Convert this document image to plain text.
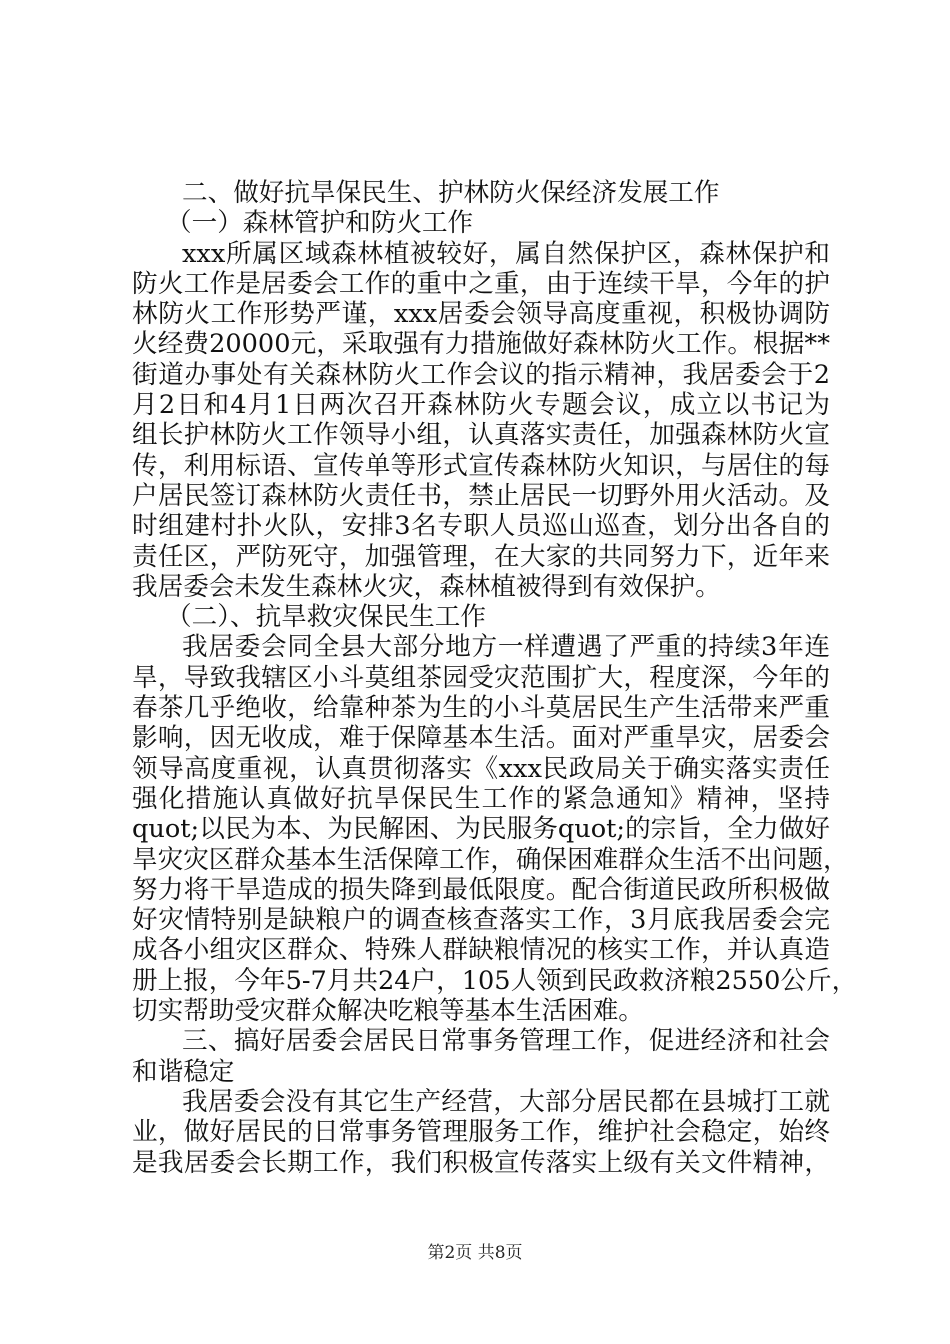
二、做好抗旱保民生、护林防火保经济发展工作
（一）森林管护和防火工作
xxx所属区域森林植被较好，属自然保护区，森林保护和
防火工作是居委会工作的重中之重，由于连续干旱，今年的护
林防火工作形势严谨，xxx居委会领导高度重视，积极协调防
火经费20000元，采取强有力措施做好森林防火工作。根据**
街道办事处有关森林防火工作会议的指示精神，我居委会于2
月2日和4月1日两次召开森林防火专题会议，成立以书记为
组长护林防火工作领导小组，认真落实责任，加强森林防火宣
传，利用标语、宣传单等形式宣传森林防火知识，与居住的每
户居民签订森林防火责任书，禁止居民一切野外用火活动。及
时组建村扑火队，安排3名专职人员巡山巡查，划分出各自的
责任区，严防死守，加强管理，在大家的共同努力下，近年来
我居委会未发生森林火灾，森林植被得到有效保护。
（二）、抗旱救灾保民生工作
我居委会同全县大部分地方一样遭遇了严重的持续3年连
旱，导致我辖区小斗莫组茶园受灾范围扩大，程度深，今年的
春茶几乎绝收，给靠种茶为生的小斗莫居民生产生活带来严重
影响，因无收成，难于保障基本生活。面对严重旱灾，居委会
领导高度重视，认真贯彻落实《xxx民政局关于确实落实责任
强化措施认真做好抗旱保民生工作的紧急通知》精神，坚持
quot;以民为本、为民解困、为民服务quot;的宗旨，全力做好
旱灾灾区群众基本生活保障工作，确保困难群众生活不出问题，
努力将干旱造成的损失降到最低限度。配合街道民政所积极做
好灾情特别是缺粮户的调查核查落实工作，3月底我居委会完
成各小组灾区群众、特殊人群缺粮情况的核实工作，并认真造
册上报，今年5-7月共24户，105人领到民政救济粮2550公斤，
切实帮助受灾群众解决吃粮等基本生活困难。
三、搞好居委会居民日常事务管理工作，促进经济和社会
和谐稳定
我居委会没有其它生产经营，大部分居民都在县城打工就
业，做好居民的日常事务管理服务工作，维护社会稳定，始终
是我居委会长期工作，我们积极宣传落实上级有关文件精神，
第2页 共8页
